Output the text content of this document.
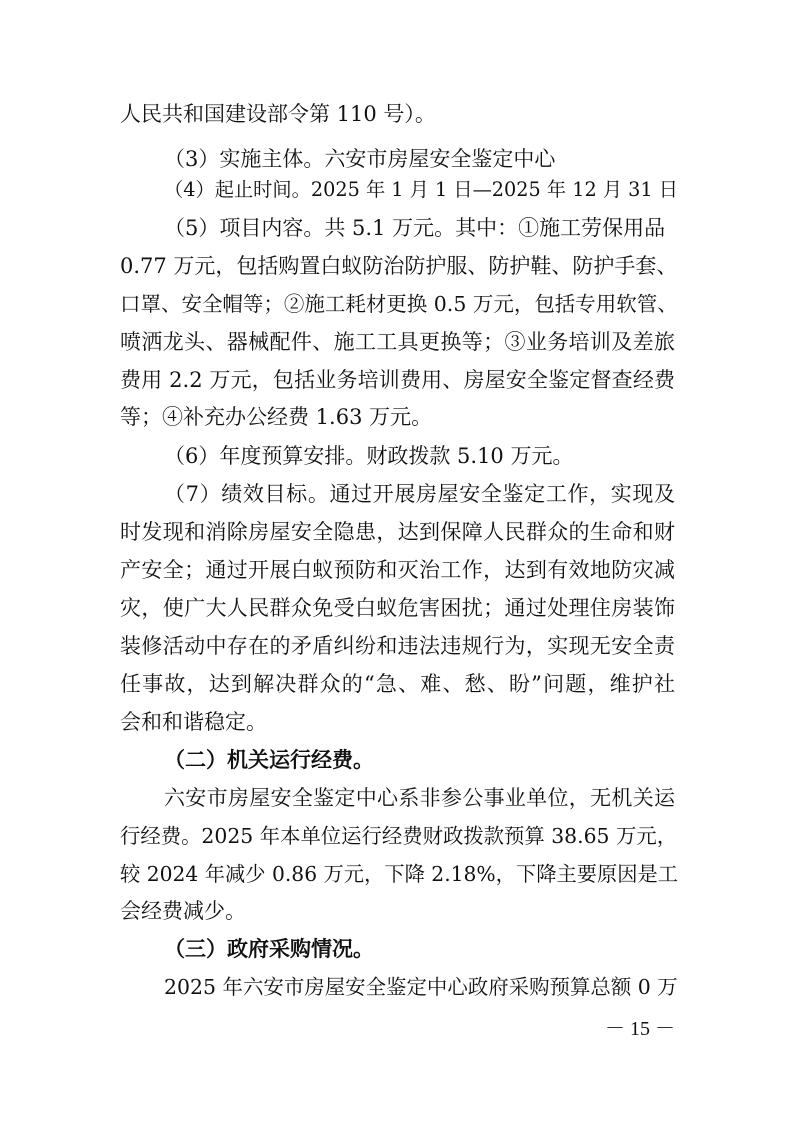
人民共和国建设部令第 110 号）。
（3）实施主体。六安市房屋安全鉴定中心
（4）起止时间。2025 年 1 月 1 日—2025 年 12 月 31 日
（5）项目内容。共 5.1 万元。其中：①施工劳保用品
0.77 万元，包括购置白蚁防治防护服、防护鞋、防护手套、
口罩、安全帽等；②施工耗材更换 0.5 万元，包括专用软管、
喷洒龙头、器械配件、施工工具更换等；③业务培训及差旅
费用 2.2 万元，包括业务培训费用、房屋安全鉴定督查经费
等；④补充办公经费 1.63 万元。
（6）年度预算安排。财政拨款 5.10 万元。
（7）绩效目标。通过开展房屋安全鉴定工作，实现及
时发现和消除房屋安全隐患，达到保障人民群众的生命和财
产安全；通过开展白蚁预防和灭治工作，达到有效地防灾减
灾，使广大人民群众免受白蚁危害困扰；通过处理住房装饰
装修活动中存在的矛盾纠纷和违法违规行为，实现无安全责
任事故，达到解决群众的“急、难、愁、盼”问题，维护社
会和和谐稳定。
（二）机关运行经费。
六安市房屋安全鉴定中心系非参公事业单位，无机关运
行经费。2025 年本单位运行经费财政拨款预算 38.65 万元，
较 2024 年减少 0.86 万元，下降 2.18%，下降主要原因是工
会经费减少。
（三）政府采购情况。
2025 年六安市房屋安全鉴定中心政府采购预算总额 0 万
－ 15 －
